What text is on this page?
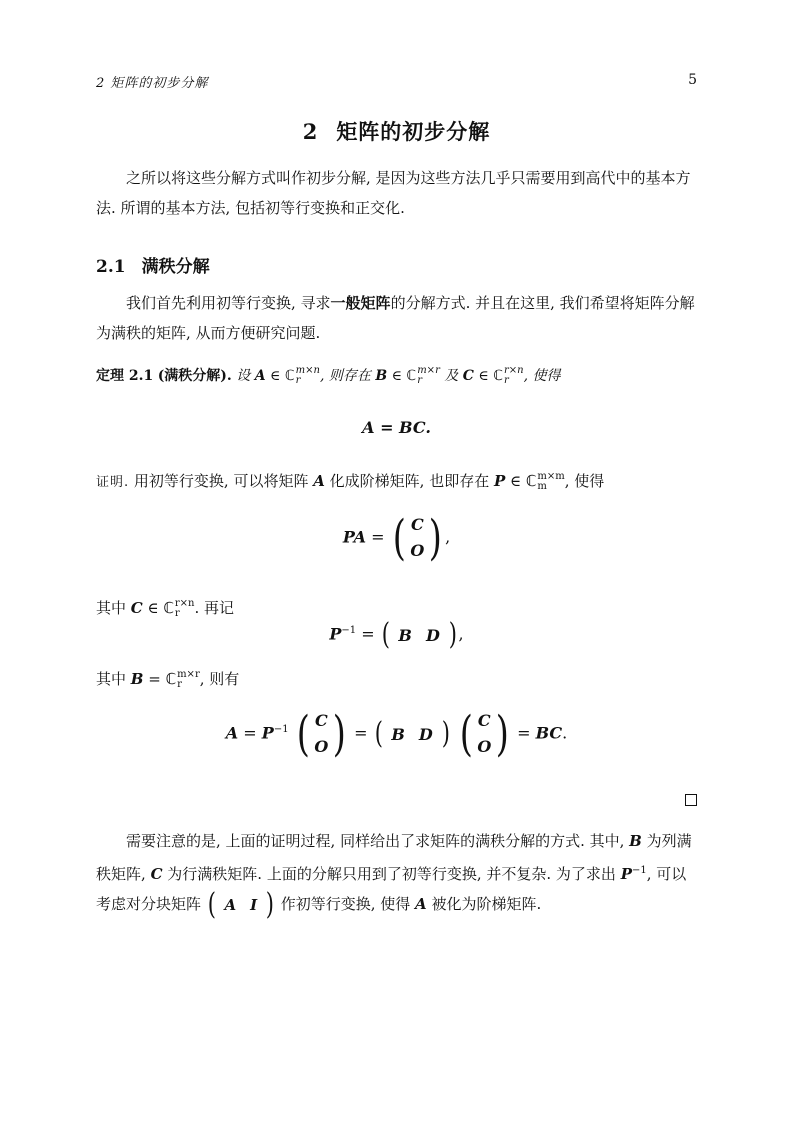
2 矩阵的初步分解	5
2 矩阵的初步分解
之所以将这些分解方式叫作初步分解, 是因为这些方法几乎只需要用到高代中的基本方法. 所谓的基本方法, 包括初等行变换和正交化.
2.1 满秩分解
我们首先利用初等行变换, 寻求一般矩阵的分解方式. 并且在这里, 我们希望将矩阵分解为满秩的矩阵, 从而方便研究问题.
定理 2.1 (满秩分解). 设 A ∈ ℂ m×n
r	, 则存在 B ∈ ℂ m×r
r	及 C ∈ ℂ r×n
r	, 使得
A = BC.
证明. 用初等行变换, 可以将矩阵 A 化成阶梯矩阵, 也即存在 P ∈ ℂ m×m
m	, 使得
PA = ( C
O ) ,
其中 C ∈ ℂ r×n
r . 再记
$P^{-1}$ = ( B D ) ,
其中 B = ℂ m×r
r	, 则有
$A = P^{-1}$ ( C
O ) = ( B D )
( C
O ) = BC.
需要注意的是, 上面的证明过程, 同样给出了求矩阵的满秩分解的方式. 其中, B 为列满秩矩阵, C 为行满秩矩阵. 上面的分解只用到了初等行变换, 并不复杂. 为了求出 $P^{-1}$, 可以考虑对分块矩阵 ( A I ) 作初等行变换, 使得 A 被化为阶梯矩阵.
